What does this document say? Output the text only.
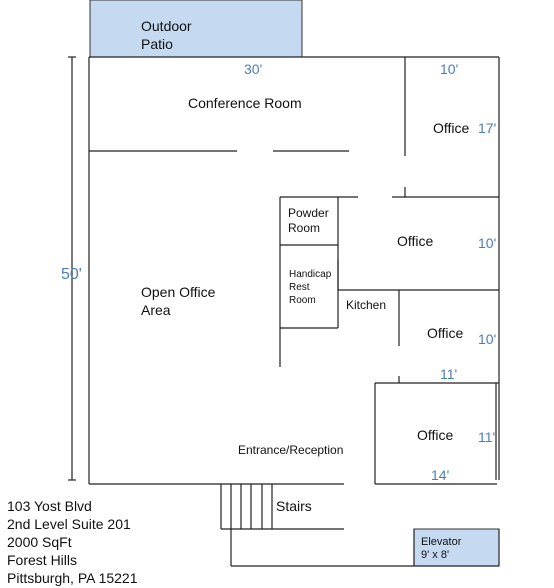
Outdoor
Patio
Conference Room
Office
Powder
Room
Handicap
Rest
Room
Office
Kitchen
Open Office
Area
Office
Office
Entrance/Reception
Stairs
Elevator
9' x 8'
30'	10'
17'
50'
10'
10'
11'
11'
14'
103 Yost Blvd
2nd Level Suite 201
2000 SqFt
Forest Hills
Pittsburgh, PA 15221
